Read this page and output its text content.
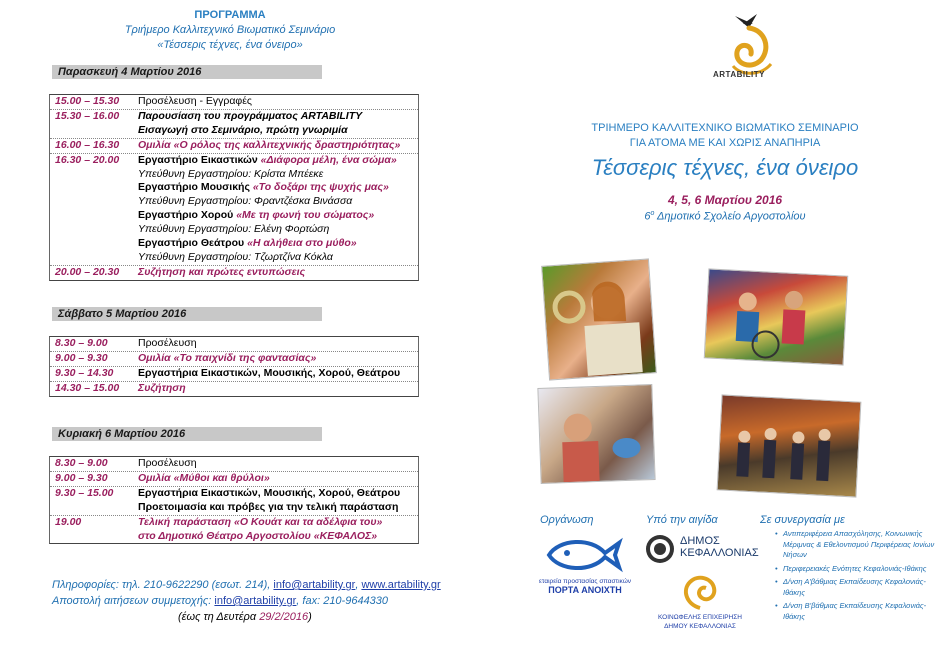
ΠΡΟΓΡΑΜΜΑ
Τριήμερο Καλλιτεχνικό Βιωματικό Σεμινάριο
«Τέσσερις τέχνες, ένα όνειρο»
Παρασκευή 4 Μαρτίου 2016
15.00 – 15.30	Προσέλευση - Εγγραφές
15.30 – 16.00	Παρουσίαση του προγράμματος ARTABILITY
Εισαγωγή στο Σεμινάριο, πρώτη γνωριμία
16.00 – 16.30	Ομιλία «Ο ρόλος της καλλιτεχνικής δραστηριότητας»
16.30 – 20.00	Εργαστήριο Εικαστικών «Διάφορα μέλη, ένα σώμα»
Υπεύθυνη Εργαστηρίου: Κρίστα Μπέεκε
Εργαστήριο Μουσικής «Το δοξάρι της ψυχής μας»
Υπεύθυνη Εργαστηρίου: Φραντζέσκα Βινάσσα
Εργαστήριο Χορού «Με τη φωνή του σώματος»
Υπεύθυνη Εργαστηρίου: Ελένη Φορτώση
Εργαστήριο Θεάτρου «Η αλήθεια στο μύθο»
Υπεύθυνη Εργαστηρίου: Τζωρτζίνα Κόκλα
20.00 – 20.30	Συζήτηση και πρώτες εντυπώσεις
Σάββατο 5 Μαρτίου 2016
8.30 – 9.00	Προσέλευση
9.00 – 9.30	Ομιλία «Το παιχνίδι της φαντασίας»
9.30 – 14.30	Εργαστήρια Εικαστικών, Μουσικής, Χορού, Θεάτρου
14.30 – 15.00	Συζήτηση
Κυριακή 6 Μαρτίου 2016
8.30 – 9.00	Προσέλευση
9.00 – 9.30	Ομιλία «Μύθοι και θρύλοι»
9.30 – 15.00	Εργαστήρια Εικαστικών, Μουσικής, Χορού, Θεάτρου
Προετοιμασία και πρόβες για την τελική παράσταση
19.00	Τελική παράσταση «Ο Κουάτ και τα αδέλφια του»
στο Δημοτικό Θέατρο Αργοστολίου «ΚΕΦΑΛΟΣ»
Πληροφορίες: τηλ. 210-9622290 (εσωτ. 214), info@artability.gr, www.artability.gr
Αποστολή αιτήσεων συμμετοχής: info@artability.gr, fax: 210-9644330
(έως τη Δευτέρα 29/2/2016)
ARTABILITY
ΤΡΙΗΜΕΡΟ ΚΑΛΛΙΤΕΧΝΙΚΟ ΒΙΩΜΑΤΙΚΟ ΣΕΜΙΝΑΡΙΟ
ΓΙΑ ΑΤΟΜΑ ΜΕ ΚΑΙ ΧΩΡΙΣ ΑΝΑΠΗΡΙΑ
Τέσσερις τέχνες, ένα όνειρο
4, 5, 6 Μαρτίου 2016
$6^o$ Δημοτικό Σχολείο Αργοστολίου
Οργάνωση
εταιρεία προστασίας σπαστικών
ΠΟΡΤΑ ΑΝΟΙΧΤΗ
Υπό την αιγίδα
ΔΗΜΟΣ
ΚΕΦΑΛΛΟΝΙΑΣ
ΚΟΙΝΩΦΕΛΗΣ ΕΠΙΧΕΙΡΗΣΗ
ΔΗΜΟΥ ΚΕΦΑΛΛΟΝΙΑΣ
Σε συνεργασία με
• Αντιπεριφέρεια Απασχόλησης, Κοινωνικής Μέριμνας & Εθελοντισμού Περιφέρειας Ιονίων Νήσων
• Περιφερειακές Ενότητες Κεφαλονιάς-Ιθάκης
• Δ/νση Α'βάθμιας Εκπαίδευσης Κεφαλονιάς-Ιθάκης
• Δ/νση Β'βάθμιας Εκπαίδευσης Κεφαλονιάς-Ιθάκης
